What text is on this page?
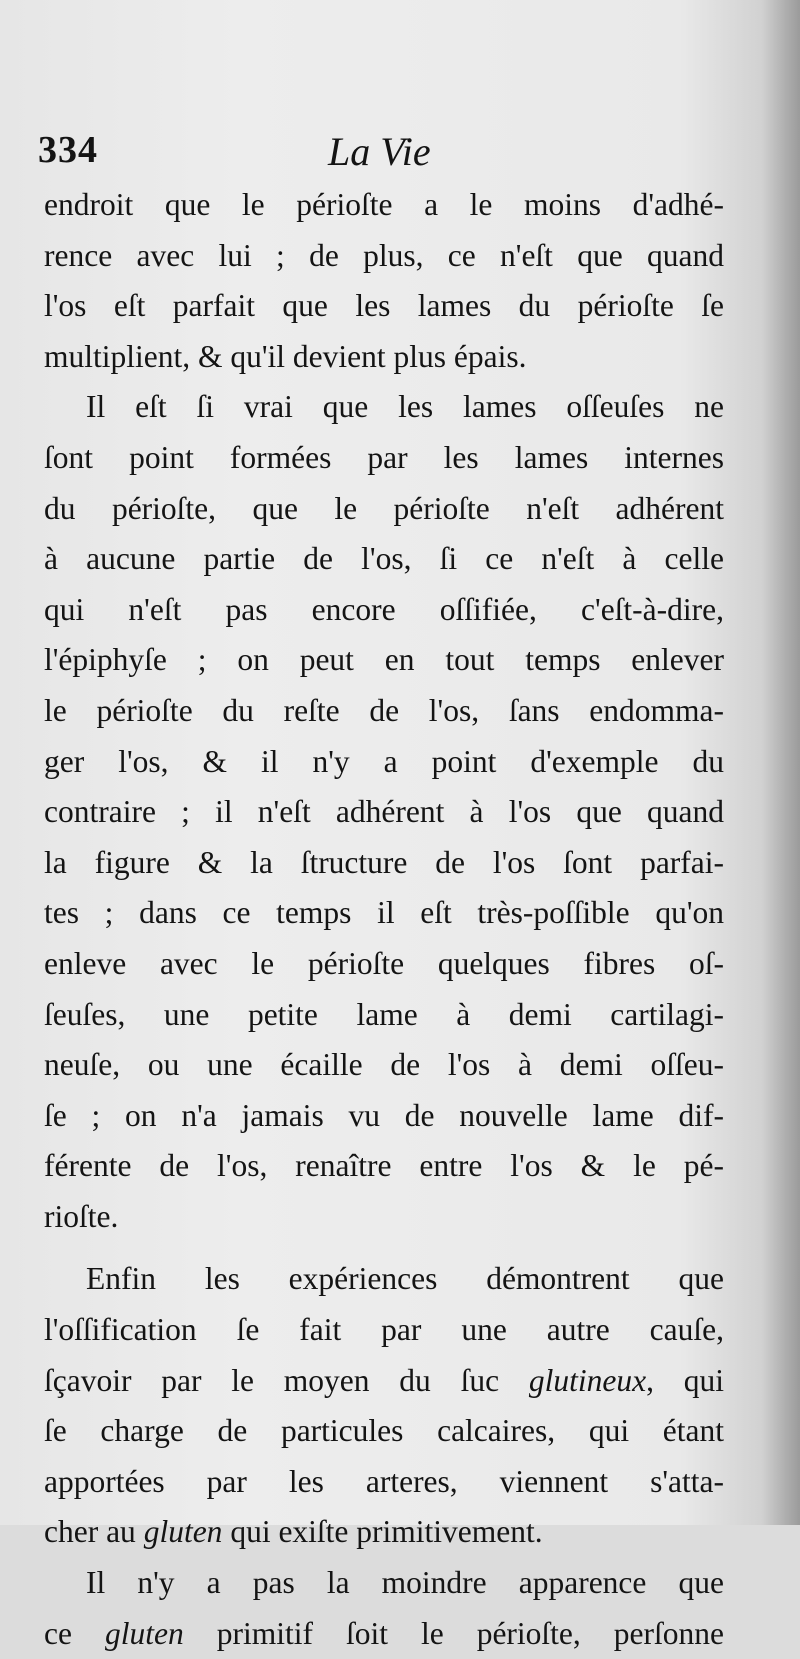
334	La Vie
endroit que le périoſte a le moins d'adhé-
rence avec lui ; de plus, ce n'eſt que quand
l'os eſt parfait que les lames du périoſte ſe
multiplient, & qu'il devient plus épais.
Il eſt ſi vrai que les lames oſſeuſes ne
ſont point formées par les lames internes
du périoſte, que le périoſte n'eſt adhérent
à aucune partie de l'os, ſi ce n'eſt à celle
qui n'eſt pas encore oſſifiée, c'eſt-à-dire,
l'épiphyſe ; on peut en tout temps enlever
le périoſte du reſte de l'os, ſans endomma-
ger l'os, & il n'y a point d'exemple du
contraire ; il n'eſt adhérent à l'os que quand
la figure & la ſtructure de l'os ſont parfai-
tes ; dans ce temps il eſt très-poſſible qu'on
enleve avec le périoſte quelques fibres oſ-
ſeuſes, une petite lame à demi cartilagi-
neuſe, ou une écaille de l'os à demi oſſeu-
ſe ; on n'a jamais vu de nouvelle lame dif-
férente de l'os, renaître entre l'os & le pé-
rioſte.
Enfin les expériences démontrent que
l'oſſification ſe fait par une autre cauſe,
ſçavoir par le moyen du ſuc glutineux, qui
ſe charge de particules calcaires, qui étant
apportées par les arteres, viennent s'atta-
cher au gluten qui exiſte primitivement.
Il n'y a pas la moindre apparence que
ce gluten primitif ſoit le périoſte, perſonne
